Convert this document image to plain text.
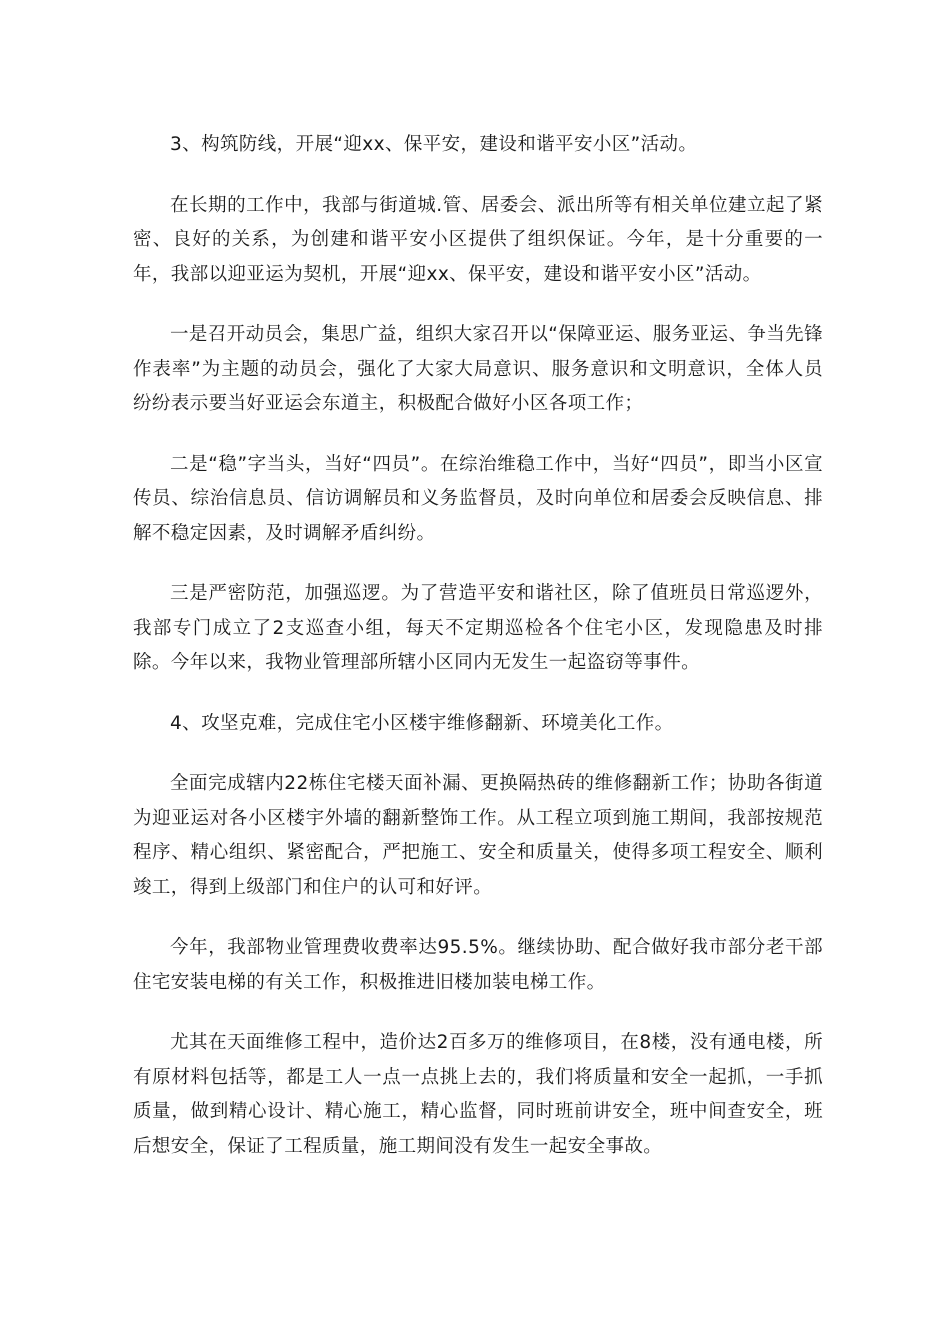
3、构筑防线，开展“迎xx、保平安，建设和谐平安小区”活动。

在长期的工作中，我部与街道城.管、居委会、派出所等有相关单位建立起了紧密、良好的关系，为创建和谐平安小区提供了组织保证。今年，是十分重要的一年，我部以迎亚运为契机，开展“迎xx、保平安，建设和谐平安小区”活动。

一是召开动员会，集思广益，组织大家召开以“保障亚运、服务亚运、争当先锋作表率”为主题的动员会，强化了大家大局意识、服务意识和文明意识，全体人员纷纷表示要当好亚运会东道主，积极配合做好小区各项工作；

二是“稳”字当头，当好“四员”。在综治维稳工作中，当好“四员”，即当小区宣传员、综治信息员、信访调解员和义务监督员，及时向单位和居委会反映信息、排解不稳定因素，及时调解矛盾纠纷。

三是严密防范，加强巡逻。为了营造平安和谐社区，除了值班员日常巡逻外，我部专门成立了2支巡查小组，每天不定期巡检各个住宅小区，发现隐患及时排除。今年以来，我物业管理部所辖小区同内无发生一起盗窃等事件。

4、攻坚克难，完成住宅小区楼宇维修翻新、环境美化工作。

全面完成辖内22栋住宅楼天面补漏、更换隔热砖的维修翻新工作；协助各街道为迎亚运对各小区楼宇外墙的翻新整饰工作。从工程立项到施工期间，我部按规范程序、精心组织、紧密配合，严把施工、安全和质量关，使得多项工程安全、顺利竣工，得到上级部门和住户的认可和好评。

今年，我部物业管理费收费率达95.5%。继续协助、配合做好我市部分老干部住宅安装电梯的有关工作，积极推进旧楼加装电梯工作。

尤其在天面维修工程中，造价达2百多万的维修项目，在8楼，没有通电楼，所有原材料包括等，都是工人一点一点挑上去的，我们将质量和安全一起抓，一手抓质量，做到精心设计、精心施工，精心监督，同时班前讲安全，班中间查安全，班后想安全，保证了工程质量，施工期间没有发生一起安全事故。
